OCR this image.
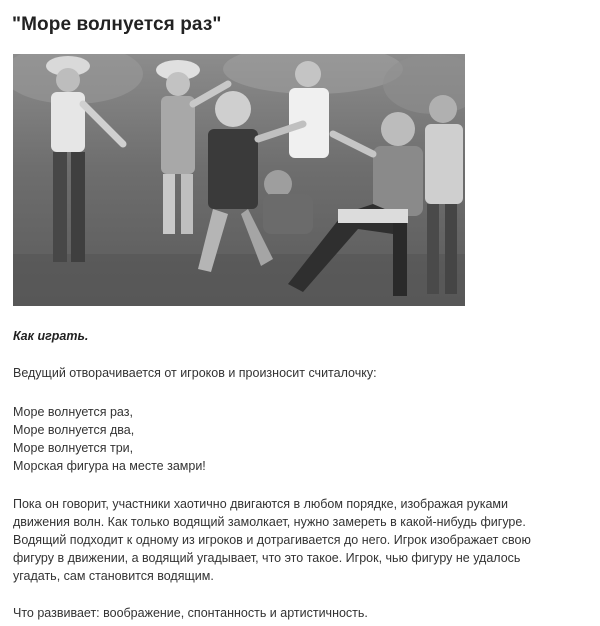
"Море волнуется раз"
Как играть.
Ведущий отворачивается от игроков и произносит считалочку:
Море волнуется раз,
Море волнуется два,
Море волнуется три,
Морская фигура на месте замри!
Пока он говорит, участники хаотично двигаются в любом порядке, изображая руками
движения волн. Как только водящий замолкает, нужно замереть в какой-нибудь фигуре.
Водящий подходит к одному из игроков и дотрагивается до него. Игрок изображает свою
фигуру в движении, а водящий угадывает, что это такое. Игрок, чью фигуру не удалось
угадать, сам становится водящим.
Что развивает: воображение, спонтанность и артистичность.
